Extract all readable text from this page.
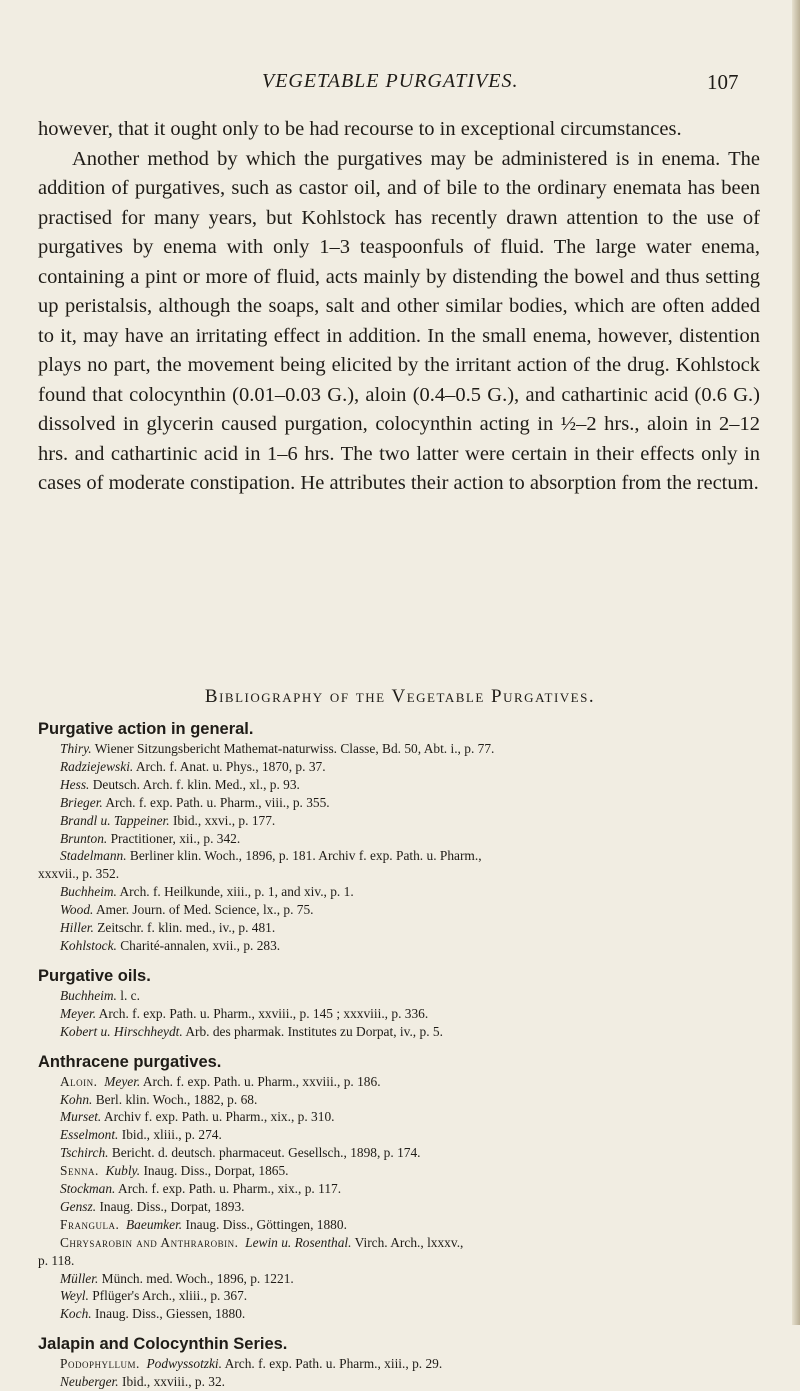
VEGETABLE PURGATIVES.	107

however, that it ought only to be had recourse to in exceptional circumstances.

Another method by which the purgatives may be administered is in enema. The addition of purgatives, such as castor oil, and of bile to the ordinary enemata has been practised for many years, but Kohlstock has recently drawn attention to the use of purgatives by enema with only 1–3 teaspoonfuls of fluid. The large water enema, containing a pint or more of fluid, acts mainly by distending the bowel and thus setting up peristalsis, although the soaps, salt and other similar bodies, which are often added to it, may have an irritating effect in addition. In the small enema, however, distention plays no part, the movement being elicited by the irritant action of the drug. Kohlstock found that colocynthin (0.01–0.03 G.), aloin (0.4–0.5 G.), and cathartinic acid (0.6 G.) dissolved in glycerin caused purgation, colocynthin acting in ½–2 hrs., aloin in 2–12 hrs. and cathartinic acid in 1–6 hrs. The two latter were certain in their effects only in cases of moderate constipation. He attributes their action to absorption from the rectum.

Bibliography of the Vegetable Purgatives.
Purgative action in general.
Thiry. Wiener Sitzungsbericht Mathemat-naturwiss. Classe, Bd. 50, Abt. i., p. 77.
Radziejewski. Arch. f. Anat. u. Phys., 1870, p. 37.
Hess. Deutsch. Arch. f. klin. Med., xl., p. 93.
Brieger. Arch. f. exp. Path. u. Pharm., viii., p. 355.
Brandl u. Tappeiner. Ibid., xxvi., p. 177.
Brunton. Practitioner, xii., p. 342.
Stadelmann. Berliner klin. Woch., 1896, p. 181. Archiv f. exp. Path. u. Pharm.,
xxxvii., p. 352.
Buchheim. Arch. f. Heilkunde, xiii., p. 1, and xiv., p. 1.
Wood. Amer. Journ. of Med. Science, lx., p. 75.
Hiller. Zeitschr. f. klin. med., iv., p. 481.
Kohlstock. Charité-annalen, xvii., p. 283.
Purgative oils.
Buchheim. l. c.
Meyer. Arch. f. exp. Path. u. Pharm., xxviii., p. 145 ; xxxviii., p. 336.
Kobert u. Hirschheydt. Arb. des pharmak. Institutes zu Dorpat, iv., p. 5.
Anthracene purgatives.
Aloin.  Meyer. Arch. f. exp. Path. u. Pharm., xxviii., p. 186.
Kohn. Berl. klin. Woch., 1882, p. 68.
Murset. Archiv f. exp. Path. u. Pharm., xix., p. 310.
Esselmont. Ibid., xliii., p. 274.
Tschirch. Bericht. d. deutsch. pharmaceut. Gesellsch., 1898, p. 174.
Senna.  Kubly. Inaug. Diss., Dorpat, 1865.
Stockman. Arch. f. exp. Path. u. Pharm., xix., p. 117.
Gensz. Inaug. Diss., Dorpat, 1893.
Frangula.  Baeumker. Inaug. Diss., Göttingen, 1880.
Chrysarobin and Anthrarobin.  Lewin u. Rosenthal. Virch. Arch., lxxxv.,
p. 118.
Müller. Münch. med. Woch., 1896, p. 1221.
Weyl. Pflüger's Arch., xliii., p. 367.
Koch. Inaug. Diss., Giessen, 1880.
Jalapin and Colocynthin Series.
Podophyllum.  Podwyssotzki. Arch. f. exp. Path. u. Pharm., xiii., p. 29.
Neuberger. Ibid., xxviii., p. 32.
